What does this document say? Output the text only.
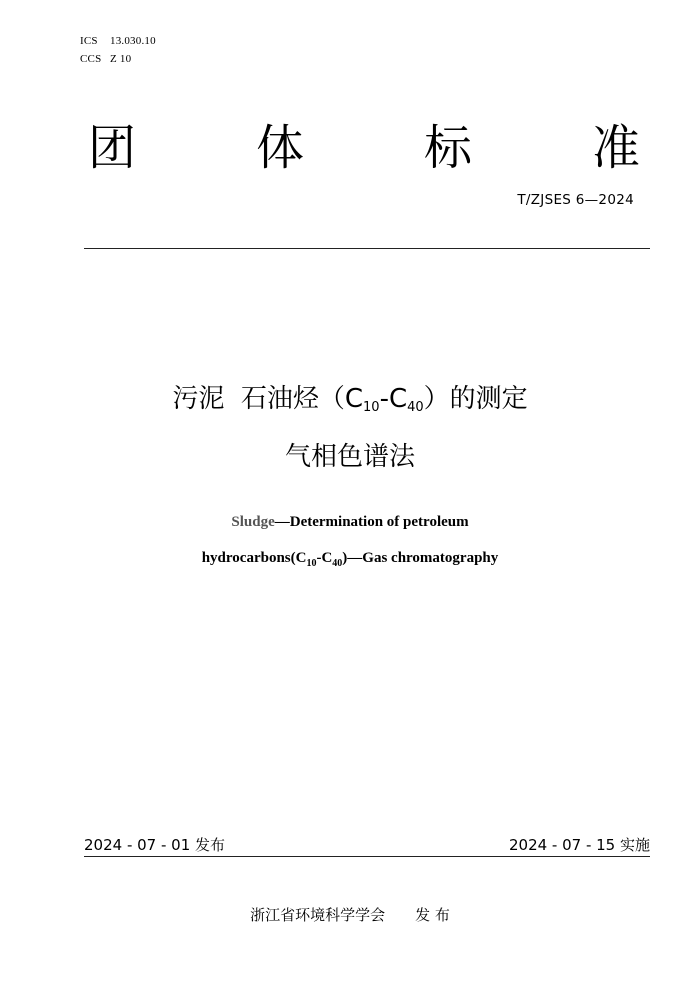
ICS 13.030.10
CCS Z 10
团 体 标 准
T/ZJSES 6—2024
污泥  石油烃$(C_{10}-C_{40})$的测定
气相色谱法
Sludge—Determination of petroleum
$hydrocarbons(C_{10}-C_{40})—Gas$ chromatography
2024 - 07 - 01 发布	2024 - 07 - 15 实施
浙江省环境科学学会 发 布
